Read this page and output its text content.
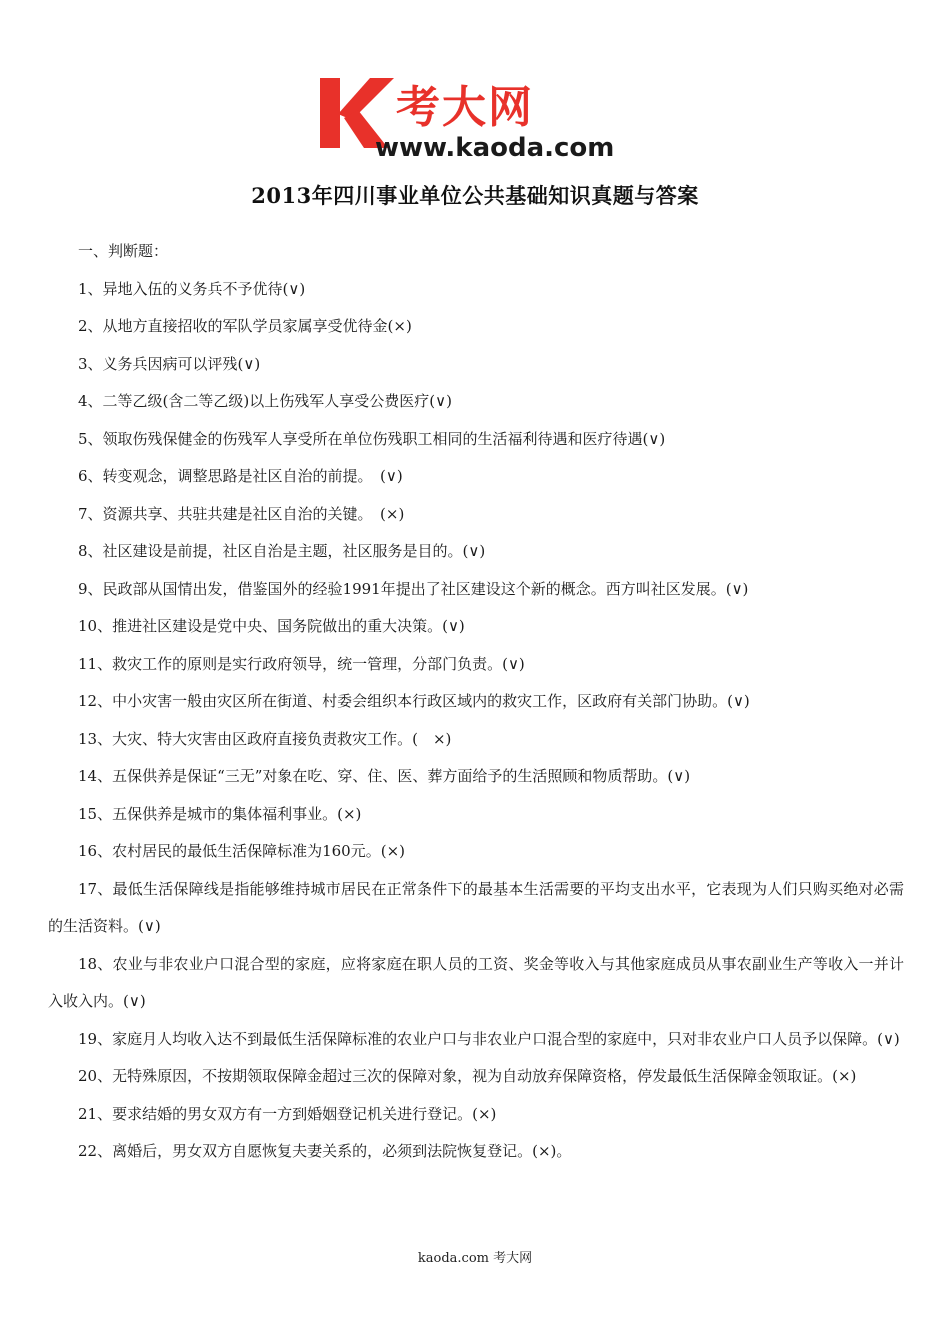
考大网
www.kaoda.com
2013年四川事业单位公共基础知识真题与答案

一、判断题：

1、异地入伍的义务兵不予优待(∨)

2、从地方直接招收的军队学员家属享受优待金(×)

3、义务兵因病可以评残(∨)

4、二等乙级(含二等乙级)以上伤残军人享受公费医疗(∨)

5、领取伤残保健金的伤残军人享受所在单位伤残职工相同的生活福利待遇和医疗待遇(∨)

6、转变观念，调整思路是社区自治的前提。　(∨)

7、资源共享、共驻共建是社区自治的关键。　(×)

8、社区建设是前提，社区自治是主题，社区服务是目的。(∨)

9、民政部从国情出发，借鉴国外的经验1991年提出了社区建设这个新的概念。西方叫社区发展。(∨)

10、推进社区建设是党中央、国务院做出的重大决策。(∨)

11、救灾工作的原则是实行政府领导，统一管理，分部门负责。(∨)

12、中小灾害一般由灾区所在街道、村委会组织本行政区域内的救灾工作，区政府有关部门协助。(∨)

13、大灾、特大灾害由区政府直接负责救灾工作。(　×)

14、五保供养是保证“三无”对象在吃、穿、住、医、葬方面给予的生活照顾和物质帮助。(∨)

15、五保供养是城市的集体福利事业。(×)

16、农村居民的最低生活保障标准为160元。(×)

17、最低生活保障线是指能够维持城市居民在正常条件下的最基本生活需要的平均支出水平，它表现为人们只购买绝对必需的生活资料。(∨)

18、农业与非农业户口混合型的家庭，应将家庭在职人员的工资、奖金等收入与其他家庭成员从事农副业生产等收入一并计入收入内。(∨)

19、家庭月人均收入达不到最低生活保障标准的农业户口与非农业户口混合型的家庭中，只对非农业户口人员予以保障。(∨)

20、无特殊原因，不按期领取保障金超过三次的保障对象，视为自动放弃保障资格，停发最低生活保障金领取证。(×)

21、要求结婚的男女双方有一方到婚姻登记机关进行登记。(×)

22、离婚后，男女双方自愿恢复夫妻关系的，必须到法院恢复登记。(×)。

kaoda.com 考大网
